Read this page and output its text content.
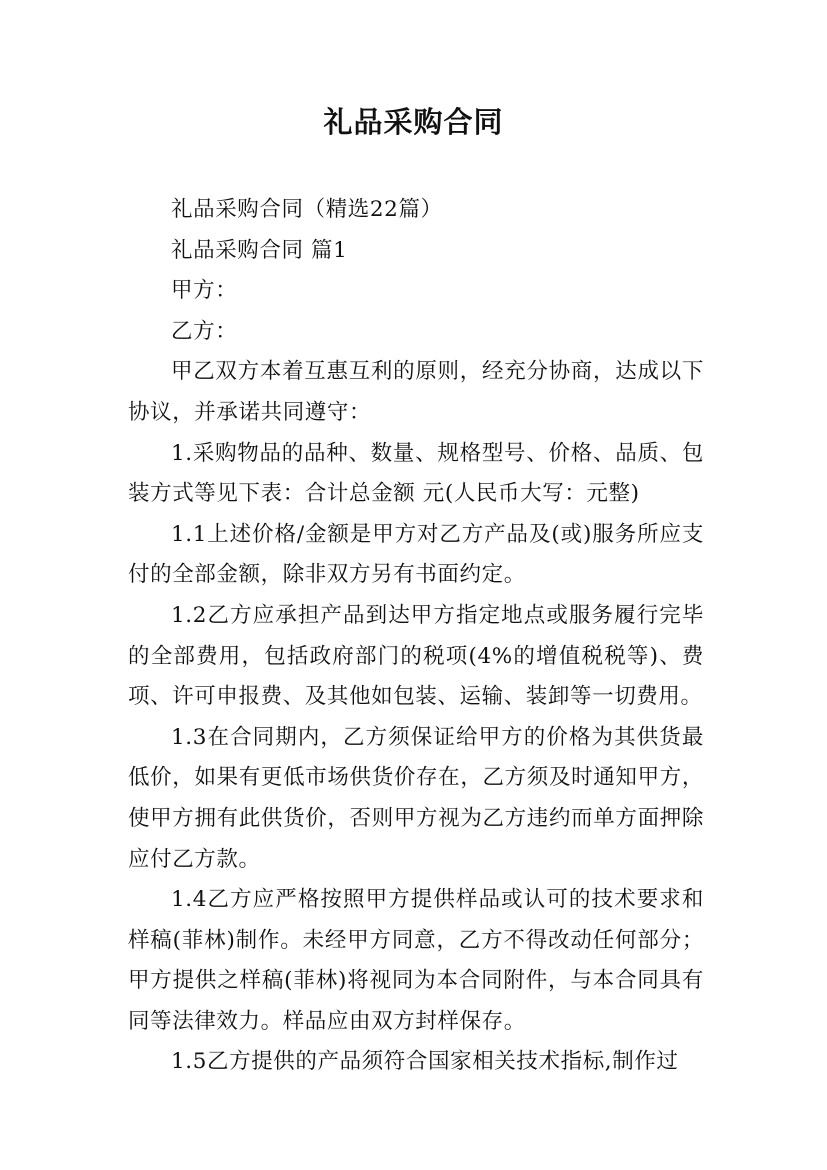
礼品采购合同

礼品采购合同（精选22篇）

礼品采购合同 篇1

甲方：

乙方：

甲乙双方本着互惠互利的原则，经充分协商，达成以下协议，并承诺共同遵守：

1.采购物品的品种、数量、规格型号、价格、品质、包装方式等见下表：合计总金额 元(人民币大写：元整)

1.1上述价格/金额是甲方对乙方产品及(或)服务所应支付的全部金额，除非双方另有书面约定。

1.2乙方应承担产品到达甲方指定地点或服务履行完毕的全部费用，包括政府部门的税项(4%的增值税税等)、费项、许可申报费、及其他如包装、运输、装卸等一切费用。

1.3在合同期内，乙方须保证给甲方的价格为其供货最低价，如果有更低市场供货价存在，乙方须及时通知甲方，使甲方拥有此供货价，否则甲方视为乙方违约而单方面押除应付乙方款。

1.4乙方应严格按照甲方提供样品或认可的技术要求和样稿(菲林)制作。未经甲方同意，乙方不得改动任何部分；甲方提供之样稿(菲林)将视同为本合同附件，与本合同具有同等法律效力。样品应由双方封样保存。

1.5乙方提供的产品须符合国家相关技术指标,制作过
